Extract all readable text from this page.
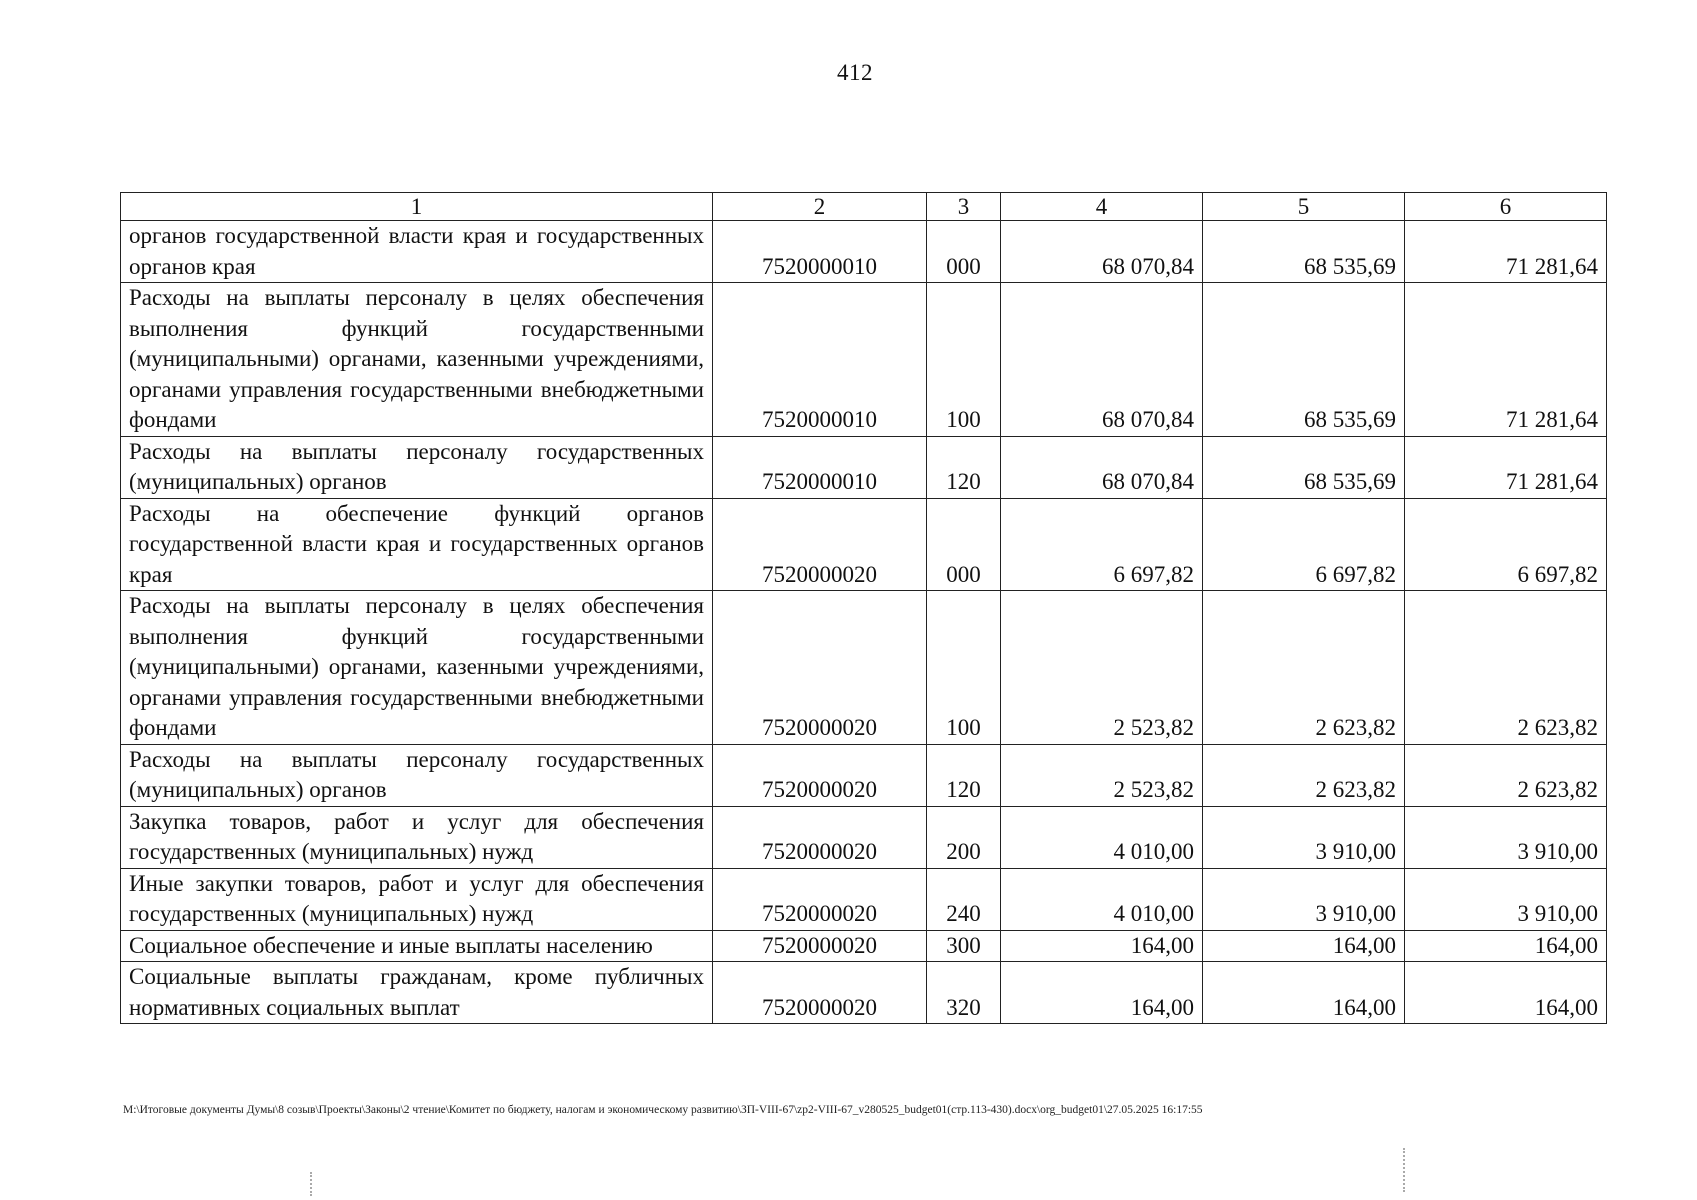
412
1	2	3	4	5	6
органов государственной власти края и государственных органов края	7520000010	000	68 070,84	68 535,69	71 281,64
Расходы на выплаты персоналу в целях обеспечения выполнения функций государственными (муниципальными) органами, казенными учреждениями, органами управления государственными внебюджетными фондами	7520000010	100	68 070,84	68 535,69	71 281,64
Расходы на выплаты персоналу государственных (муниципальных) органов	7520000010	120	68 070,84	68 535,69	71 281,64
Расходы на обеспечение функций органов государственной власти края и государственных органов края	7520000020	000	6 697,82	6 697,82	6 697,82
Расходы на выплаты персоналу в целях обеспечения выполнения функций государственными (муниципальными) органами, казенными учреждениями, органами управления государственными внебюджетными фондами	7520000020	100	2 523,82	2 623,82	2 623,82
Расходы на выплаты персоналу государственных (муниципальных) органов	7520000020	120	2 523,82	2 623,82	2 623,82
Закупка товаров, работ и услуг для обеспечения государственных (муниципальных) нужд	7520000020	200	4 010,00	3 910,00	3 910,00
Иные закупки товаров, работ и услуг для обеспечения государственных (муниципальных) нужд	7520000020	240	4 010,00	3 910,00	3 910,00
Социальное обеспечение и иные выплаты населению	7520000020	300	164,00	164,00	164,00
Социальные выплаты гражданам, кроме публичных нормативных социальных выплат	7520000020	320	164,00	164,00	164,00
M:\Итоговые документы Думы\8 созыв\Проекты\Законы\2 чтение\Комитет по бюджету, налогам и экономическому развитию\ЗП-VIII-67\zp2-VIII-67_v280525_budget01(стр.113-430).docx\org_budget01\27.05.2025 16:17:55
